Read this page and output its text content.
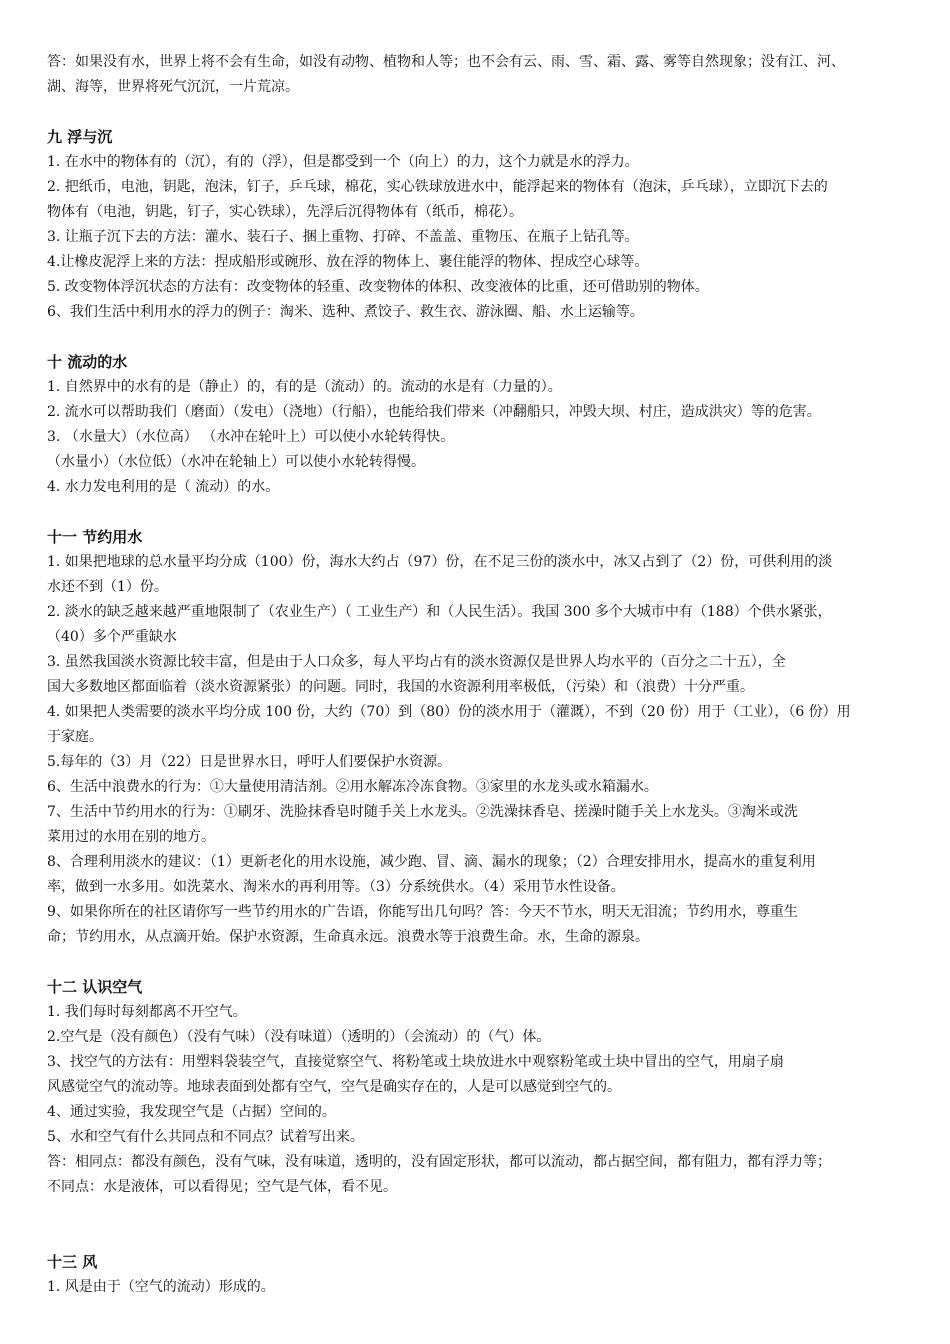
答：如果没有水，世界上将不会有生命，如没有动物、植物和人等；也不会有云、雨、雪、霜、露、雾等自然现象；没有江、河、
湖、海等，世界将死气沉沉，一片荒凉。
九 浮与沉
1. 在水中的物体有的（沉），有的（浮），但是都受到一个（向上）的力，这个力就是水的浮力。
2. 把纸币，电池，钥匙，泡沫，钉子，乒乓球，棉花，实心铁球放进水中，能浮起来的物体有（泡沫，乒乓球），立即沉下去的
物体有（电池，钥匙，钉子，实心铁球），先浮后沉得物体有（纸币，棉花）。
3. 让瓶子沉下去的方法：灌水、装石子、捆上重物、打碎、不盖盖、重物压、在瓶子上钻孔等。
4.让橡皮泥浮上来的方法：捏成船形或碗形、放在浮的物体上、裹住能浮的物体、捏成空心球等。
5. 改变物体浮沉状态的方法有：改变物体的轻重、改变物体的体积、改变液体的比重，还可借助别的物体。
6、我们生活中利用水的浮力的例子：淘米、选种、煮饺子、救生衣、游泳圈、船、水上运输等。
十 流动的水
1. 自然界中的水有的是（静止）的，有的是（流动）的。流动的水是有（力量的）。
2. 流水可以帮助我们（磨面）（发电）（浇地）（行船），也能给我们带来（冲翻船只，冲毁大坝、村庄，造成洪灾）等的危害。
3. （水量大）（水位高） （水冲在轮叶上）可以使小水轮转得快。
（水量小）（水位低）（水冲在轮轴上）可以使小水轮转得慢。
4. 水力发电利用的是（ 流动）的水。
十一 节约用水
1. 如果把地球的总水量平均分成（100）份，海水大约占（97）份，在不足三份的淡水中，冰又占到了（2）份，可供利用的淡
水还不到（1）份。
2. 淡水的缺乏越来越严重地限制了（农业生产）（ 工业生产）和（人民生活）。我国 300 多个大城市中有（188）个供水紧张，
（40）多个严重缺水
3. 虽然我国淡水资源比较丰富，但是由于人口众多，每人平均占有的淡水资源仅是世界人均水平的（百分之二十五），全
国大多数地区都面临着（淡水资源紧张）的问题。同时，我国的水资源利用率极低，（污染）和（浪费）十分严重。
4. 如果把人类需要的淡水平均分成 100 份，大约（70）到（80）份的淡水用于（灌溉），不到（20 份）用于（工业），（6 份）用
于家庭。
5.每年的（3）月（22）日是世界水日，呼吁人们要保护水资源。
6、生活中浪费水的行为：①大量使用清洁剂。②用水解冻冷冻食物。③家里的水龙头或水箱漏水。
7、生活中节约用水的行为：①刷牙、洗脸抹香皂时随手关上水龙头。②洗澡抹香皂、搓澡时随手关上水龙头。③淘米或洗
菜用过的水用在别的地方。
8、合理利用淡水的建议：（1）更新老化的用水设施，减少跑、冒、滴、漏水的现象；（2）合理安排用水，提高水的重复利用
率，做到一水多用。如洗菜水、淘米水的再利用等。（3）分系统供水。（4）采用节水性设备。
9、如果你所在的社区请你写一些节约用水的广告语，你能写出几句吗？答：今天不节水，明天无泪流；节约用水，尊重生
命；节约用水，从点滴开始。保护水资源，生命真永远。浪费水等于浪费生命。水，生命的源泉。
十二 认识空气
1. 我们每时每刻都离不开空气。
2.空气是（没有颜色）（没有气味）（没有味道）（透明的）（会流动）的（气）体。
3、找空气的方法有：用塑料袋装空气，直接觉察空气、将粉笔或土块放进水中观察粉笔或土块中冒出的空气，用扇子扇
风感觉空气的流动等。地球表面到处都有空气，空气是确实存在的，人是可以感觉到空气的。
4、通过实验，我发现空气是（占据）空间的。
5、水和空气有什么共同点和不同点？试着写出来。
答：相同点：都没有颜色，没有气味，没有味道，透明的，没有固定形状，都可以流动，都占据空间，都有阻力，都有浮力等；
不同点：水是液体，可以看得见；空气是气体，看不见。
十三 风
1. 风是由于（空气的流动）形成的。
